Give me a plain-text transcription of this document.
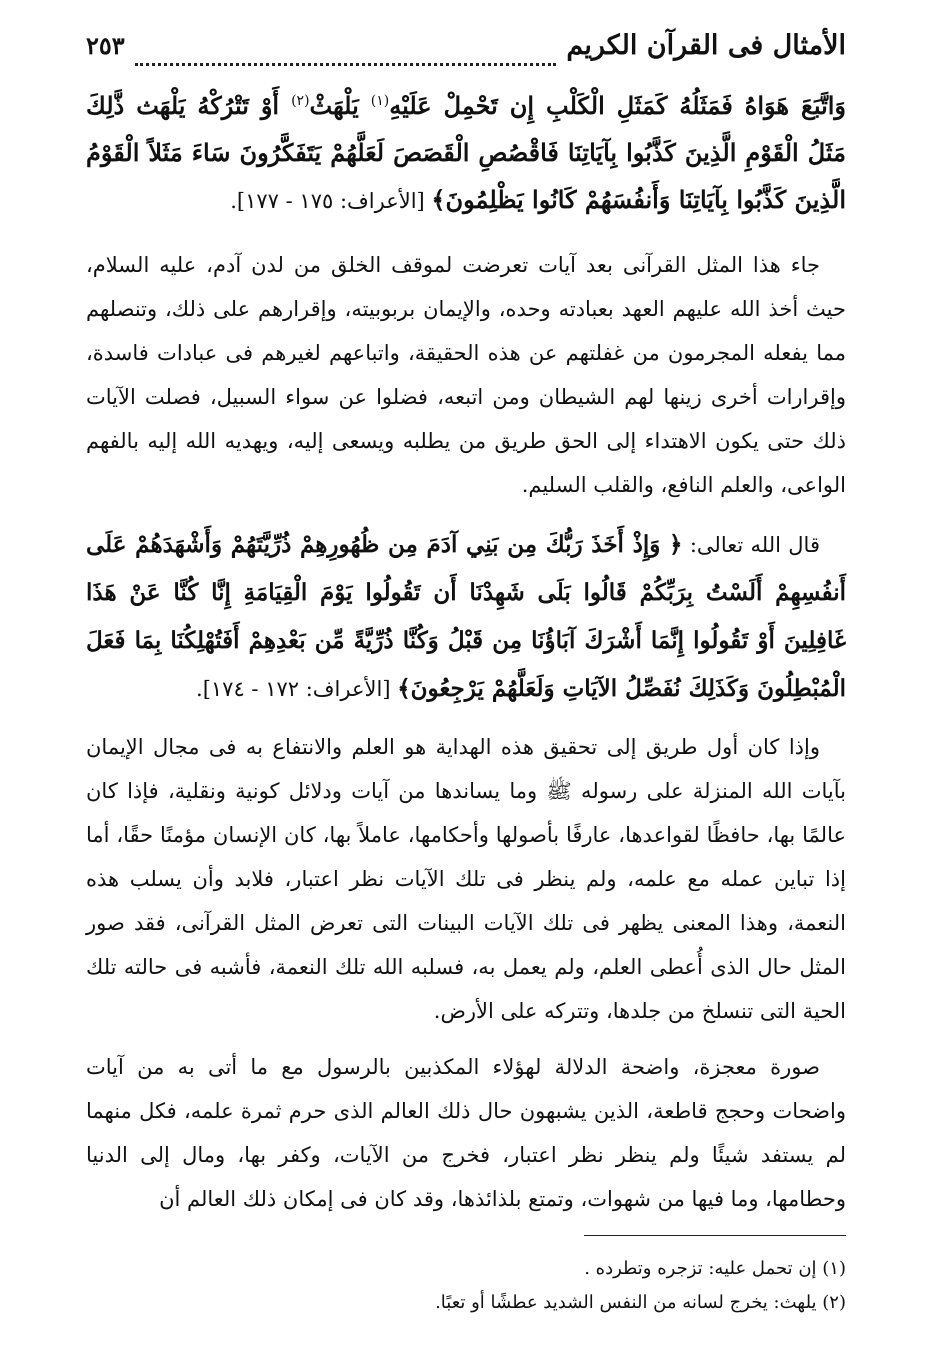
الأمثال فى القرآن الكريم
٢٥٣
وَاتَّبَعَ هَوَاهُ فَمَثَلُهُ كَمَثَلِ الْكَلْبِ إِن تَحْمِلْ عَلَيْهِ$^{(١)}$ يَلْهَثْ$^{(٢)}$ أَوْ تَتْرُكْهُ يَلْهَث ذَّلِكَ مَثَلُ الْقَوْمِ الَّذِينَ كَذَّبُوا بِآيَاتِنَا فَاقْصُصِ الْقَصَصَ لَعَلَّهُمْ يَتَفَكَّرُونَ سَاءَ مَثَلاً الْقَوْمُ الَّذِينَ كَذَّبُوا بِآيَاتِنَا وَأَنفُسَهُمْ كَانُوا يَظْلِمُونَ﴾ [الأعراف: ١٧٥ - ١٧٧].

جاء هذا المثل القرآنى بعد آيات تعرضت لموقف الخلق من لدن آدم، عليه السلام، حيث أخذ الله عليهم العهد بعبادته وحده، والإيمان بربوبيته، وإقرارهم على ذلك، وتنصلهم مما يفعله المجرمون من غفلتهم عن هذه الحقيقة، واتباعهم لغيرهم فى عبادات فاسدة، وإقرارات أخرى زينها لهم الشيطان ومن اتبعه، فضلوا عن سواء السبيل، فصلت الآيات ذلك حتى يكون الاهتداء إلى الحق طريق من يطلبه ويسعى إليه، ويهديه الله إليه بالفهم الواعى، والعلم النافع، والقلب السليم.

قال الله تعالى: ﴿ وَإِذْ أَخَذَ رَبُّكَ مِن بَنِي آدَمَ مِن ظُهُورِهِمْ ذُرِّيَّتَهُمْ وَأَشْهَدَهُمْ عَلَى أَنفُسِهِمْ أَلَسْتُ بِرَبِّكُمْ قَالُوا بَلَى شَهِدْنَا أَن تَقُولُوا يَوْمَ الْقِيَامَةِ إِنَّا كُنَّا عَنْ هَذَا غَافِلِينَ أَوْ تَقُولُوا إِنَّمَا أَشْرَكَ آبَاؤُنَا مِن قَبْلُ وَكُنَّا ذُرِّيَّةً مِّن بَعْدِهِمْ أَفَتُهْلِكُنَا بِمَا فَعَلَ الْمُبْطِلُونَ وَكَذَلِكَ نُفَصِّلُ الآيَاتِ وَلَعَلَّهُمْ يَرْجِعُونَ﴾ [الأعراف: ١٧٢ - ١٧٤].

وإذا كان أول طريق إلى تحقيق هذه الهداية هو العلم والانتفاع به فى مجال الإيمان بآيات الله المنزلة على رسوله ﷺ وما يساندها من آيات ودلائل كونية ونقلية، فإذا كان عالمًا بها، حافظًا لقواعدها، عارفًا بأصولها وأحكامها، عاملاً بها، كان الإنسان مؤمنًا حقًا، أما إذا تباين عمله مع علمه، ولم ينظر فى تلك الآيات نظر اعتبار، فلابد وأن يسلب هذه النعمة، وهذا المعنى يظهر فى تلك الآيات البينات التى تعرض المثل القرآنى، فقد صور المثل حال الذى أُعطى العلم، ولم يعمل به، فسلبه الله تلك النعمة، فأشبه فى حالته تلك الحية التى تنسلخ من جلدها، وتتركه على الأرض.

صورة معجزة، واضحة الدلالة لهؤلاء المكذبين بالرسول مع ما أتى به من آيات واضحات وحجج قاطعة، الذين يشبهون حال ذلك العالم الذى حرم ثمرة علمه، فكل منهما لم يستفد شيئًا ولم ينظر نظر اعتبار، فخرج من الآيات، وكفر بها، ومال إلى الدنيا وحطامها، وما فيها من شهوات، وتمتع بلذائذها، وقد كان فى إمكان ذلك العالم أن

(١) إن تحمل عليه: تزجره وتطرده .

(٢) يلهث: يخرج لسانه من النفس الشديد عطشًا أو تعبًا.
